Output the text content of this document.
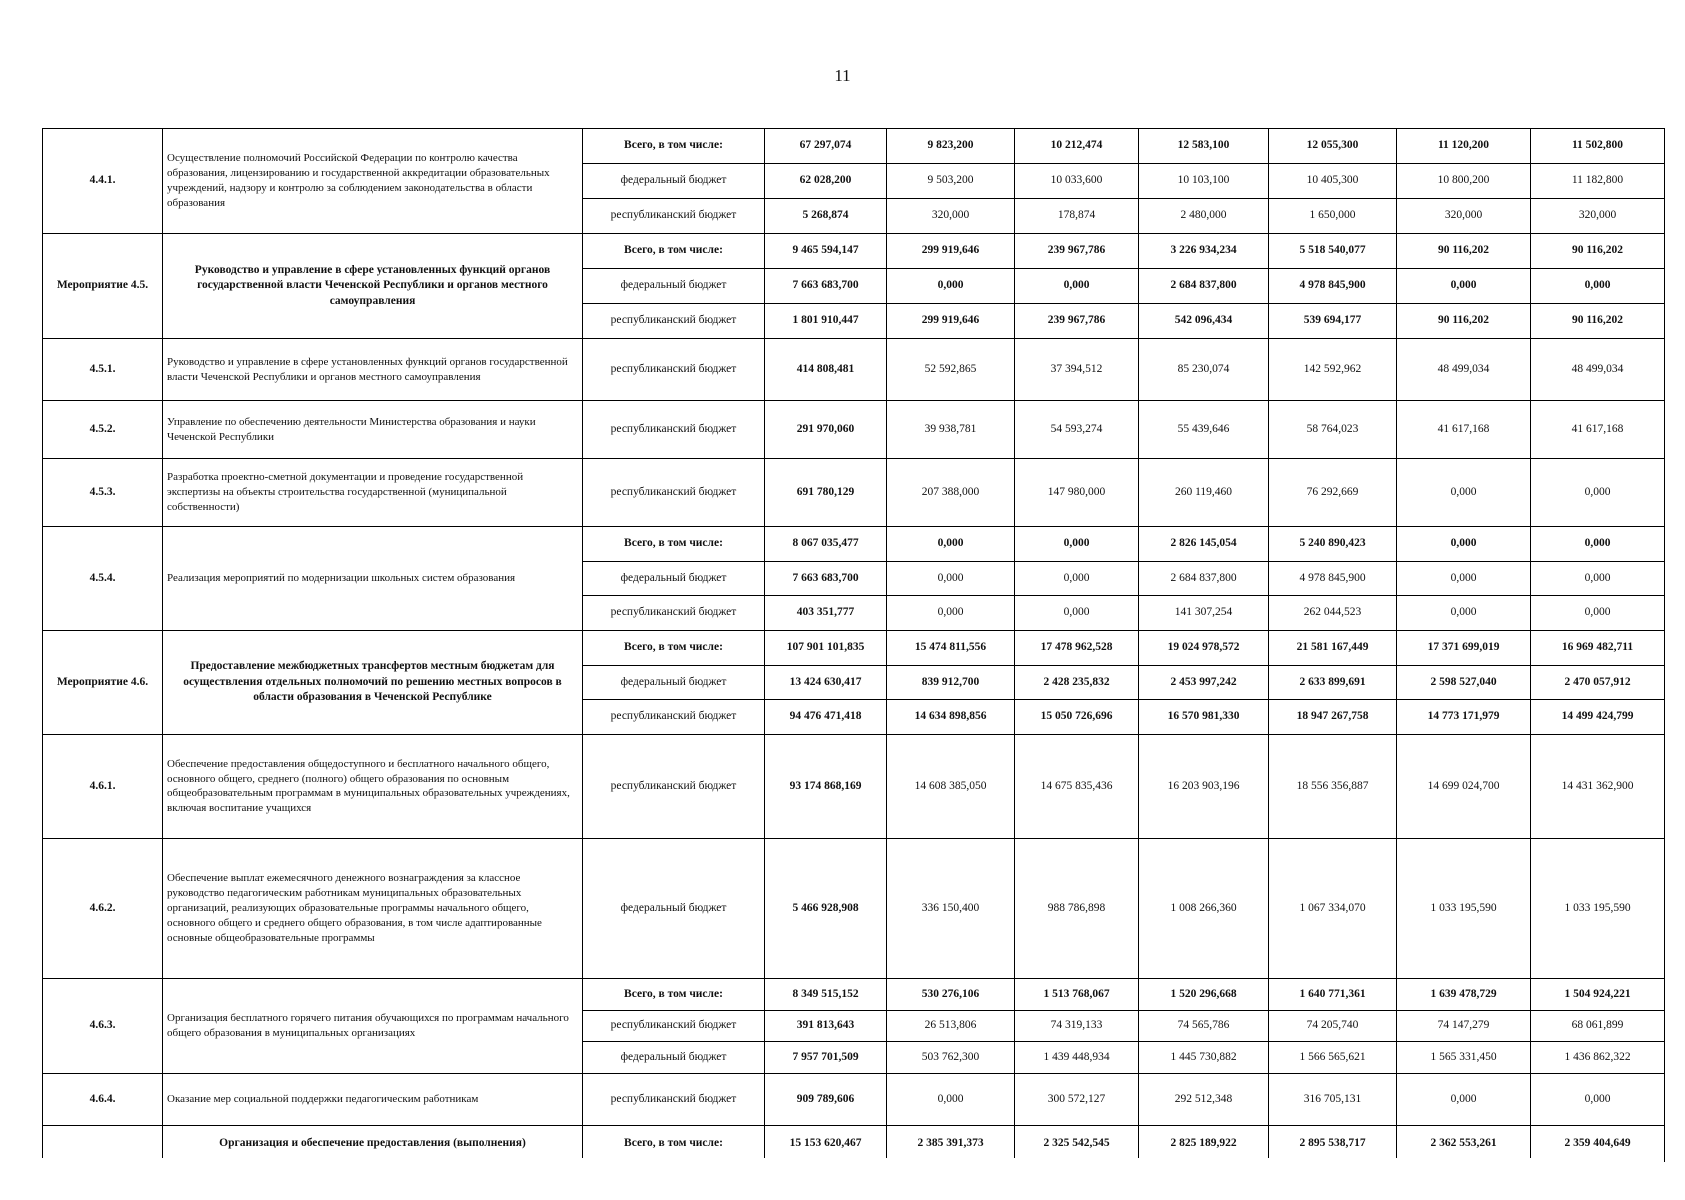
11
4.4.1.	Осуществление полномочий Российской Федерации по контролю качества образования, лицензированию и государственной аккредитации образовательных учреждений, надзору и контролю за соблюдением законодательства в области образования	Всего, в том числе:	67 297,074	9 823,200	10 212,474	12 583,100	12 055,300	11 120,200	11 502,800
		федеральный бюджет	62 028,200	9 503,200	10 033,600	10 103,100	10 405,300	10 800,200	11 182,800
		республиканский бюджет	5 268,874	320,000	178,874	2 480,000	1 650,000	320,000	320,000
Мероприятие 4.5.	Руководство и управление в сфере установленных функций органов государственной власти Чеченской Республики и органов местного самоуправления	Всего, в том числе:	9 465 594,147	299 919,646	239 967,786	3 226 934,234	5 518 540,077	90 116,202	90 116,202
		федеральный бюджет	7 663 683,700	0,000	0,000	2 684 837,800	4 978 845,900	0,000	0,000
		республиканский бюджет	1 801 910,447	299 919,646	239 967,786	542 096,434	539 694,177	90 116,202	90 116,202
4.5.1.	Руководство и управление в сфере установленных функций органов государственной власти Чеченской Республики и органов местного самоуправления	республиканский бюджет	414 808,481	52 592,865	37 394,512	85 230,074	142 592,962	48 499,034	48 499,034
4.5.2.	Управление по обеспечению деятельности Министерства образования и науки Чеченской Республики	республиканский бюджет	291 970,060	39 938,781	54 593,274	55 439,646	58 764,023	41 617,168	41 617,168
4.5.3.	Разработка проектно-сметной документации и проведение государственной экспертизы на объекты строительства государственной (муниципальной собственности)	республиканский бюджет	691 780,129	207 388,000	147 980,000	260 119,460	76 292,669	0,000	0,000
4.5.4.	Реализация мероприятий по модернизации школьных систем образования	Всего, в том числе:	8 067 035,477	0,000	0,000	2 826 145,054	5 240 890,423	0,000	0,000
		федеральный бюджет	7 663 683,700	0,000	0,000	2 684 837,800	4 978 845,900	0,000	0,000
		республиканский бюджет	403 351,777	0,000	0,000	141 307,254	262 044,523	0,000	0,000
Мероприятие 4.6.	Предоставление межбюджетных трансфертов местным бюджетам для осуществления отдельных полномочий по решению местных вопросов в области образования в Чеченской Республике	Всего, в том числе:	107 901 101,835	15 474 811,556	17 478 962,528	19 024 978,572	21 581 167,449	17 371 699,019	16 969 482,711
		федеральный бюджет	13 424 630,417	839 912,700	2 428 235,832	2 453 997,242	2 633 899,691	2 598 527,040	2 470 057,912
		республиканский бюджет	94 476 471,418	14 634 898,856	15 050 726,696	16 570 981,330	18 947 267,758	14 773 171,979	14 499 424,799
4.6.1.	Обеспечение предоставления общедоступного и бесплатного начального общего, основного общего, среднего (полного) общего образования по основным общеобразовательным программам в муниципальных образовательных учреждениях, включая воспитание учащихся	республиканский бюджет	93 174 868,169	14 608 385,050	14 675 835,436	16 203 903,196	18 556 356,887	14 699 024,700	14 431 362,900
4.6.2.	Обеспечение выплат ежемесячного денежного вознаграждения за классное руководство педагогическим работникам муниципальных образовательных организаций, реализующих образовательные программы начального общего, основного общего и среднего общего образования, в том числе адаптированные основные общеобразовательные программы	федеральный бюджет	5 466 928,908	336 150,400	988 786,898	1 008 266,360	1 067 334,070	1 033 195,590	1 033 195,590
4.6.3.	Организация бесплатного горячего питания обучающихся по программам начального общего образования в муниципальных организациях	Всего, в том числе:	8 349 515,152	530 276,106	1 513 768,067	1 520 296,668	1 640 771,361	1 639 478,729	1 504 924,221
		республиканский бюджет	391 813,643	26 513,806	74 319,133	74 565,786	74 205,740	74 147,279	68 061,899
		федеральный бюджет	7 957 701,509	503 762,300	1 439 448,934	1 445 730,882	1 566 565,621	1 565 331,450	1 436 862,322
4.6.4.	Оказание мер социальной поддержки педагогическим работникам	республиканский бюджет	909 789,606	0,000	300 572,127	292 512,348	316 705,131	0,000	0,000
	Организация и обеспечение предоставления (выполнения)	Всего, в том числе:	15 153 620,467	2 385 391,373	2 325 542,545	2 825 189,922	2 895 538,717	2 362 553,261	2 359 404,649
